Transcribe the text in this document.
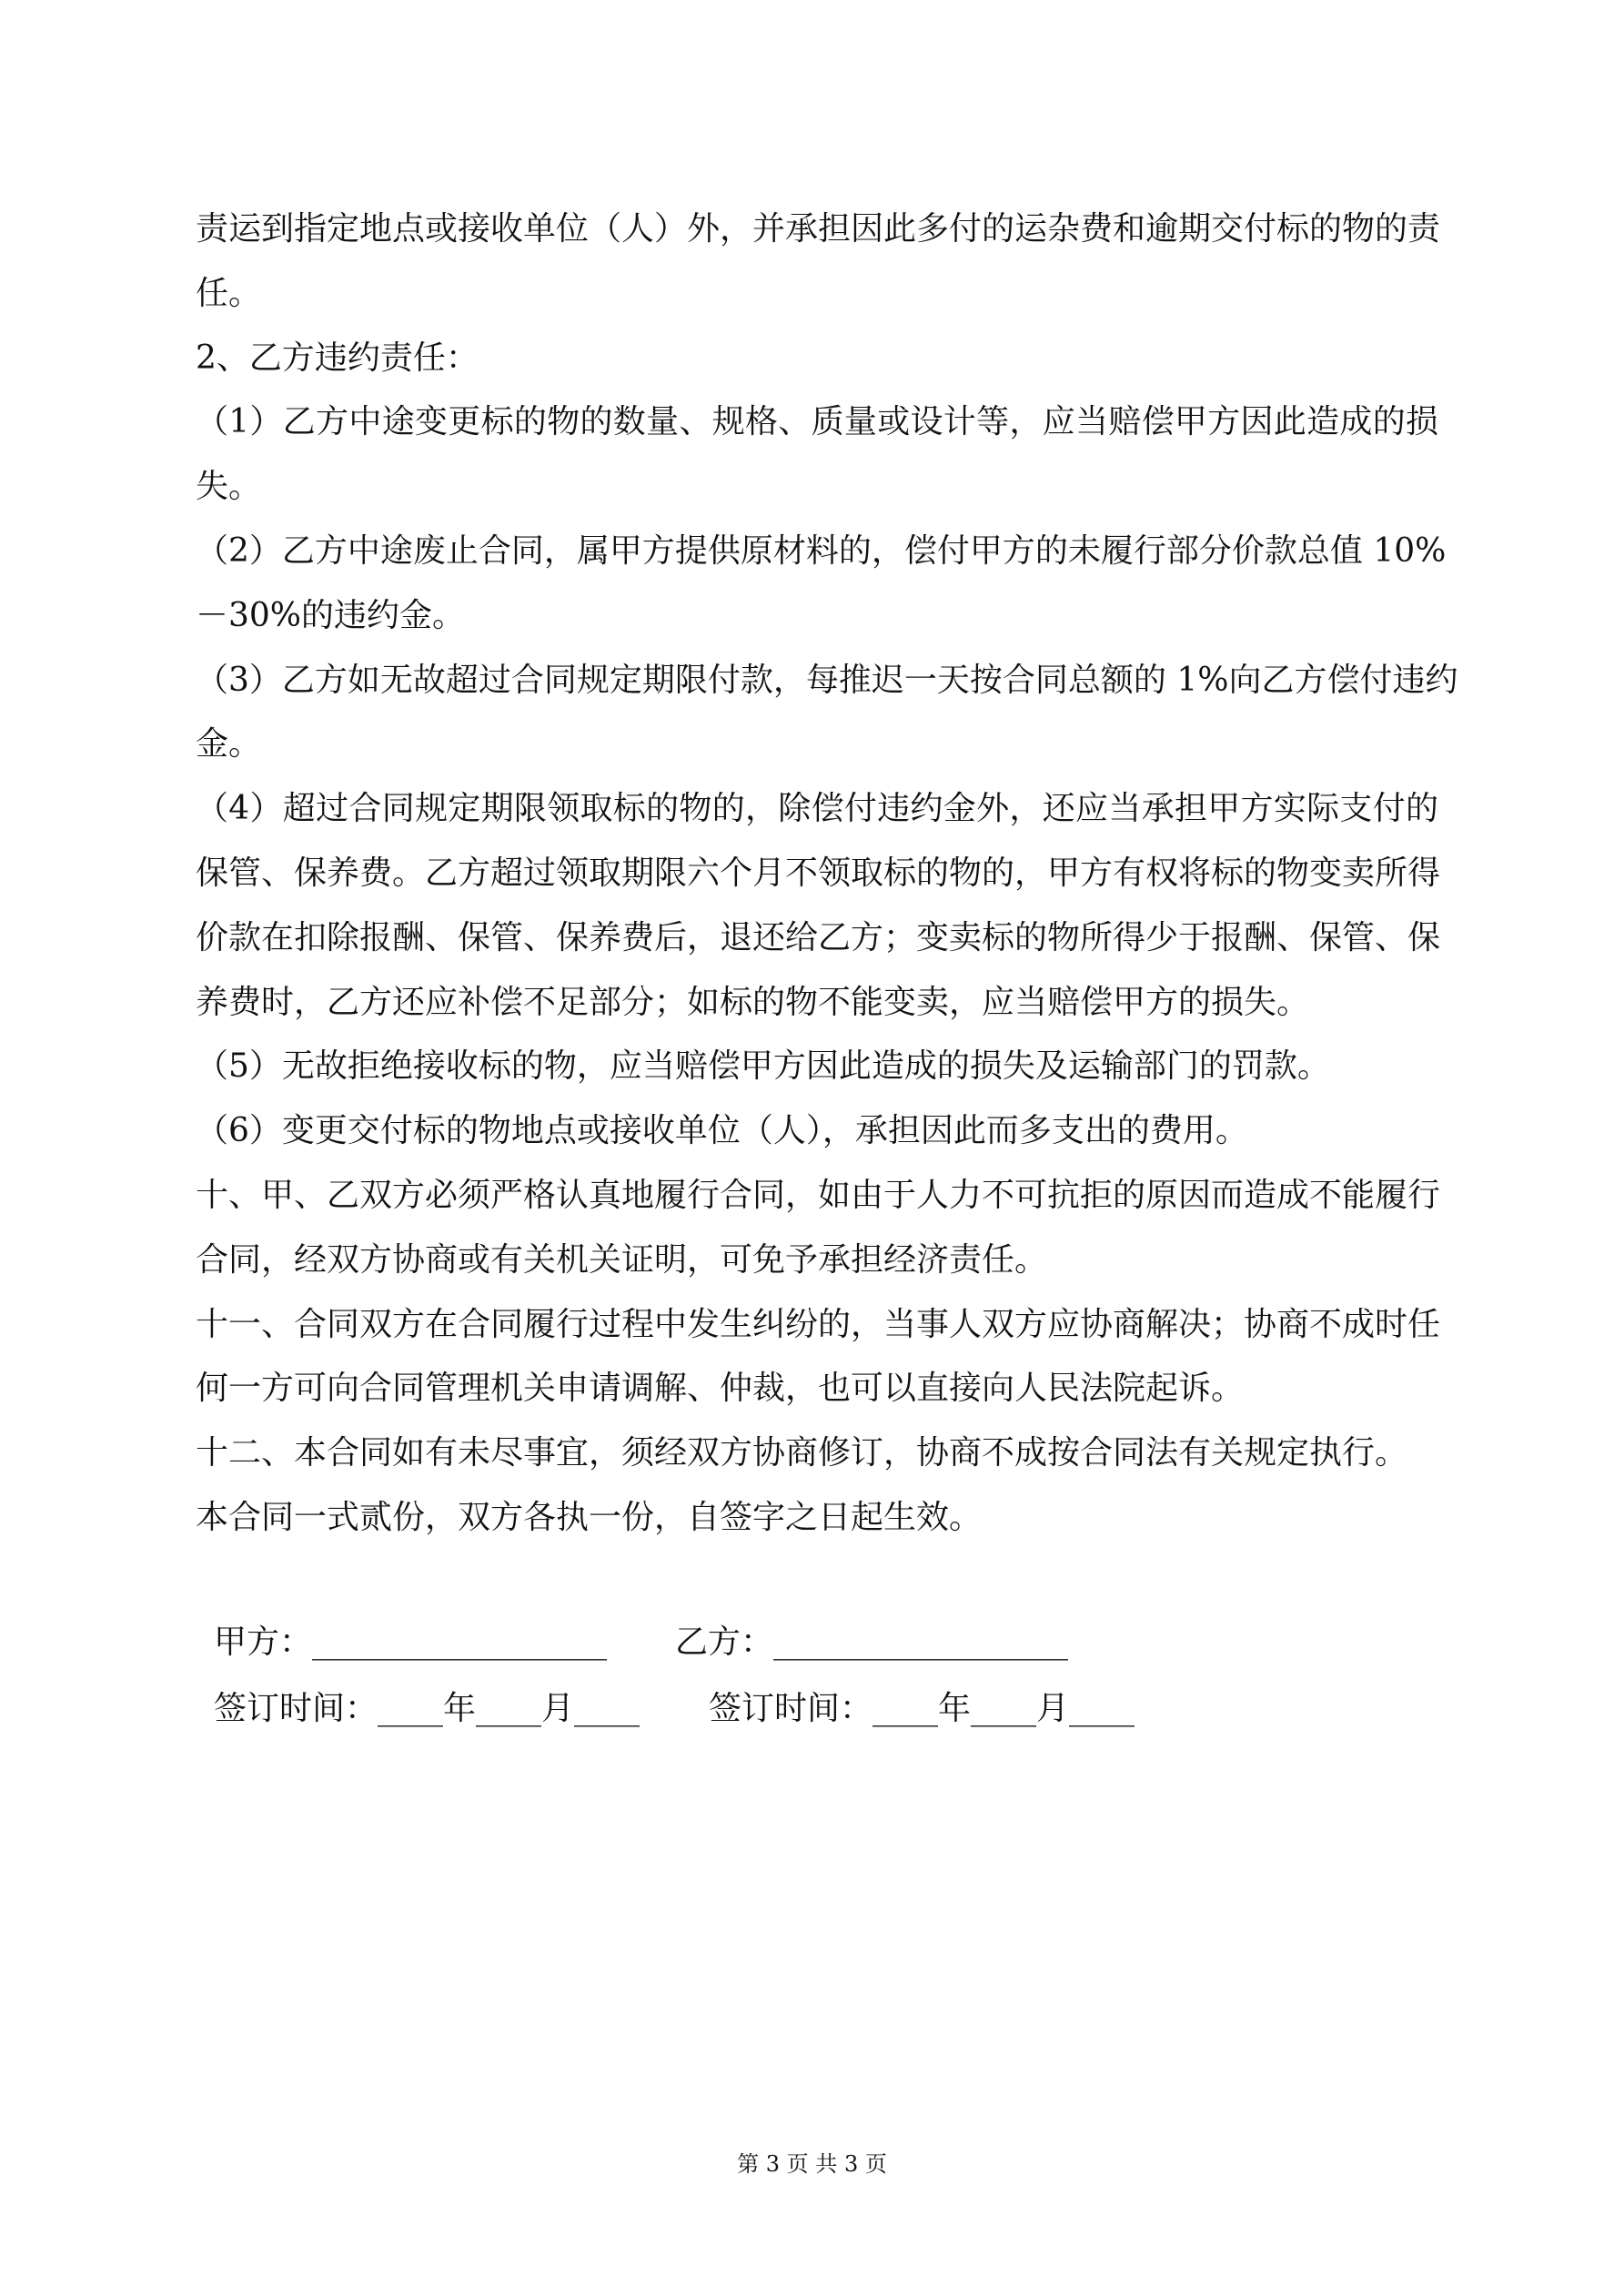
责运到指定地点或接收单位（人）外，并承担因此多付的运杂费和逾期交付标的物的责
任。
2、乙方违约责任：
（1）乙方中途变更标的物的数量、规格、质量或设计等，应当赔偿甲方因此造成的损
失。
（2）乙方中途废止合同，属甲方提供原材料的，偿付甲方的未履行部分价款总值 10%
－30%的违约金。
（3）乙方如无故超过合同规定期限付款，每推迟一天按合同总额的 1%向乙方偿付违约
金。
（4）超过合同规定期限领取标的物的，除偿付违约金外，还应当承担甲方实际支付的
保管、保养费。乙方超过领取期限六个月不领取标的物的，甲方有权将标的物变卖所得
价款在扣除报酬、保管、保养费后，退还给乙方；变卖标的物所得少于报酬、保管、保
养费时，乙方还应补偿不足部分；如标的物不能变卖，应当赔偿甲方的损失。
（5）无故拒绝接收标的物，应当赔偿甲方因此造成的损失及运输部门的罚款。
（6）变更交付标的物地点或接收单位（人），承担因此而多支出的费用。
十、甲、乙双方必须严格认真地履行合同，如由于人力不可抗拒的原因而造成不能履行
合同，经双方协商或有关机关证明，可免予承担经济责任。
十一、合同双方在合同履行过程中发生纠纷的，当事人双方应协商解决；协商不成时任
何一方可向合同管理机关申请调解、仲裁，也可以直接向人民法院起诉。
十二、本合同如有未尽事宜，须经双方协商修订，协商不成按合同法有关规定执行。
本合同一式贰份，双方各执一份，自签字之日起生效。
甲方：__________________ 乙方：__________________
签订时间：____年____月____ 签订时间：____年____月____
第 3 页 共 3 页
